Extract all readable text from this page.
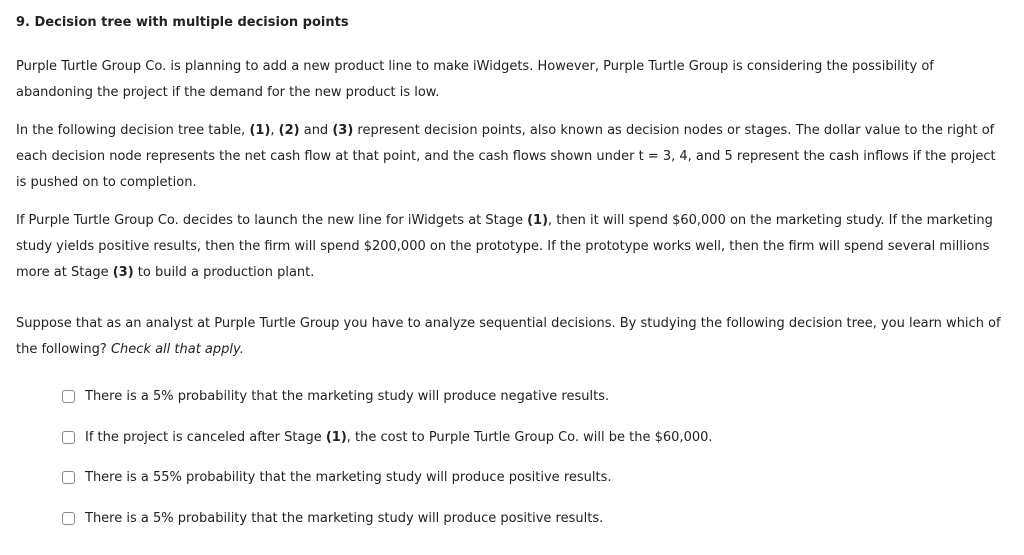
9. Decision tree with multiple decision points

Purple Turtle Group Co. is planning to add a new product line to make iWidgets. However, Purple Turtle Group is considering the possibility of abandoning the project if the demand for the new product is low.

In the following decision tree table, (1), (2) and (3) represent decision points, also known as decision nodes or stages. The dollar value to the right of each decision node represents the net cash flow at that point, and the cash flows shown under t = 3, 4, and 5 represent the cash inflows if the project is pushed on to completion.

If Purple Turtle Group Co. decides to launch the new line for iWidgets at Stage (1), then it will spend $60,000 on the marketing study. If the marketing study yields positive results, then the firm will spend $200,000 on the prototype. If the prototype works well, then the firm will spend several millions more at Stage (3) to build a production plant.

Suppose that as an analyst at Purple Turtle Group you have to analyze sequential decisions. By studying the following decision tree, you learn which of the following? Check all that apply.

There is a 5% probability that the marketing study will produce negative results.
If the project is canceled after Stage (1), the cost to Purple Turtle Group Co. will be the $60,000.
There is a 55% probability that the marketing study will produce positive results.
There is a 5% probability that the marketing study will produce positive results.
